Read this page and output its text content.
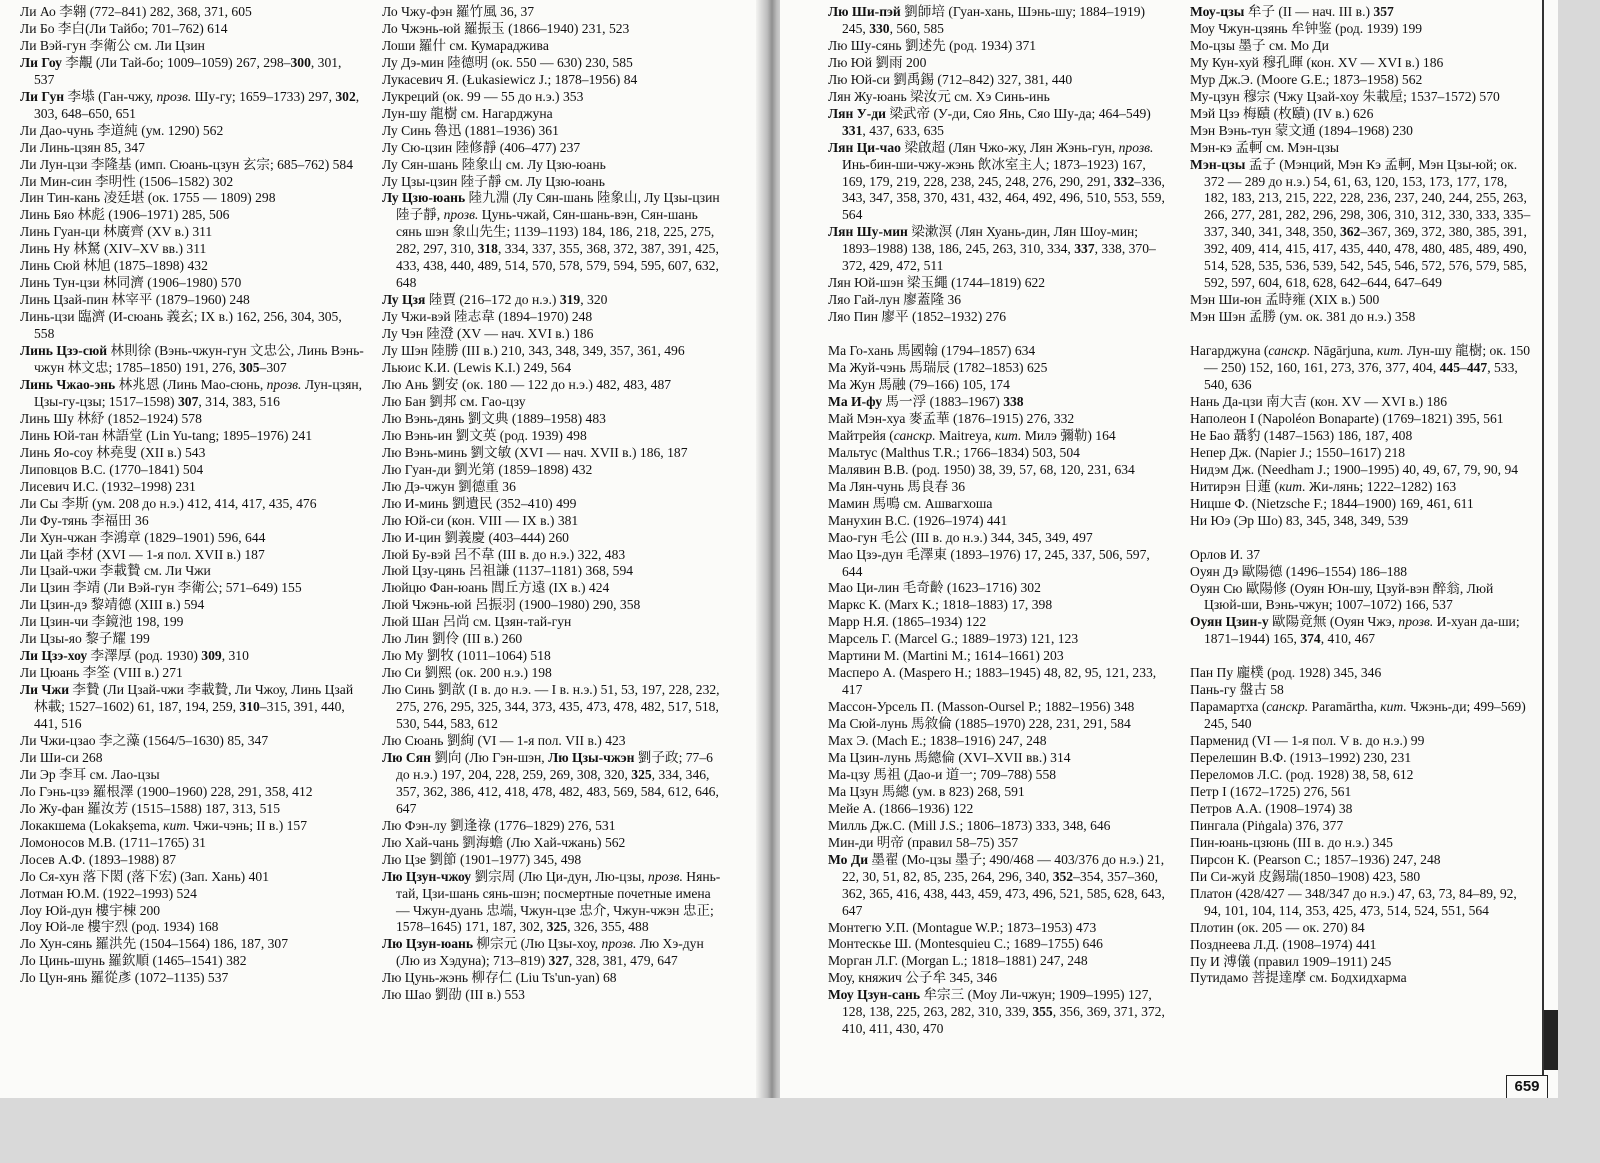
Ли Ао 李翱 (772–841) 282, 368, 371, 605
Ли Бо 李白(Ли Тайбо; 701–762) 614
Ли Вэй-гун 李衛公 см. Ли Цзин
Ли Гоу 李覯 (Ли Тай-бо; 1009–1059) 267, 298–300, 301, 537
Ли Гун 李塨 (Ган-чжу, прозв. Шу-гу; 1659–1733) 297, 302, 303, 648–650, 651
Ли Дао-чунь 李道純 (ум. 1290) 562
Ли Линь-цзян 85, 347
Ли Лун-цзи 李隆基 (имп. Сюань-цзун 玄宗; 685–762) 584
Ли Мин-син 李明性 (1506–1582) 302
Лин Тин-кань 凌廷堪 (ок. 1755 — 1809) 298
Линь Бяо 林彪 (1906–1971) 285, 506
Линь Гуан-ци 林廣齊 (XV в.) 311
Линь Ну 林駑 (XIV–XV вв.) 311
Линь Сюй 林旭 (1875–1898) 432
Линь Тун-цзи 林同濟 (1906–1980) 570
Линь Цзай-пин 林宰平 (1879–1960) 248
Линь-цзи 臨濟 (И-сюань 義玄; IX в.) 162, 256, 304, 305, 558
Линь Цзэ-сюй 林則徐 (Вэнь-чжун-гун 文忠公, Линь Вэнь-чжун 林文忠; 1785–1850) 191, 276, 305–307
Линь Чжао-энь 林兆恩 (Линь Мао-сюнь, прозв. Лун-цзян, Цзы-гу-цзы; 1517–1598) 307, 314, 383, 516
Линь Шу 林紓 (1852–1924) 578
Линь Юй-тан 林語堂 (Lin Yu-tang; 1895–1976) 241
Линь Яо-соу 林堯叟 (XII в.) 543
Липовцов В.С. (1770–1841) 504
Лисевич И.С. (1932–1998) 231
Ли Сы 李斯 (ум. 208 до н.э.) 412, 414, 417, 435, 476
Ли Фу-тянь 李福田 36
Ли Хун-чжан 李鴻章 (1829–1901) 596, 644
Ли Цай 李材 (XVI — 1-я пол. XVII в.) 187
Ли Цзай-чжи 李載贄 см. Ли Чжи
Ли Цзин 李靖 (Ли Вэй-гун 李衛公; 571–649) 155
Ли Цзин-дэ 黎靖德 (XIII в.) 594
Ли Цзин-чи 李鏡池 198, 199
Ли Цзы-яо 黎子耀 199
Ли Цзэ-хоу 李澤厚 (род. 1930) 309, 310
Ли Цюань 李筌 (VIII в.) 271
Ли Чжи 李贄 (Ли Цзай-чжи 李載贄, Ли Чжоу, Линь Цзай 林載; 1527–1602) 61, 187, 194, 259, 310–315, 391, 440, 441, 516
Ли Чжи-цзао 李之藻 (1564/5–1630) 85, 347
Ли Ши-си 268
Ли Эр 李耳 см. Лао-цзы
Ло Гэнь-цзэ 羅根澤 (1900–1960) 228, 291, 358, 412
Ло Жу-фан 羅汝芳 (1515–1588) 187, 313, 515
Локакшема (Lokakṣema, кит. Чжи-чэнь; II в.) 157
Ломоносов М.В. (1711–1765) 31
Лосев А.Ф. (1893–1988) 87
Ло Ся-хун 落下閎 (落下宏) (Зап. Хань) 401
Лотман Ю.М. (1922–1993) 524
Лоу Юй-дун 樓宇棟 200
Лоу Юй-ле 樓宇烈 (род. 1934) 168
Ло Хун-сянь 羅洪先 (1504–1564) 186, 187, 307
Ло Цинь-шунь 羅欽順 (1465–1541) 382
Ло Цун-янь 羅從彥 (1072–1135) 537
Ло Чжу-фэн 羅竹風 36, 37
Ло Чжэнь-юй 羅振玉 (1866–1940) 231, 523
Лоши 羅什 см. Кумарадживa
Лу Дэ-мин 陸德明 (ок. 550 — 630) 230, 585
Лукасевич Я. (Łukasiewicz J.; 1878–1956) 84
Лукреций (ок. 99 — 55 до н.э.) 353
Лун-шу 龍樹 см. Нагарджуна
Лу Синь 魯迅 (1881–1936) 361
Лу Сю-цзин 陸修靜 (406–477) 237
Лу Сян-шань 陸象山 см. Лу Цзю-юань
Лу Цзы-цзин 陸子靜 см. Лу Цзю-юань
Лу Цзю-юань 陸九淵 (Лу Сян-шань 陸象山, Лу Цзы-цзин 陸子靜, прозв. Цунь-чжай, Сян-шань-вэн, Сян-шань сянь шэн 象山先生; 1139–1193) 184, 186, 218, 225, 275, 282, 297, 310, 318, 334, 337, 355, 368, 372, 387, 391, 425, 433, 438, 440, 489, 514, 570, 578, 579, 594, 595, 607, 632, 648
Лу Цзя 陸賈 (216–172 до н.э.) 319, 320
Лу Чжи-вэй 陸志韋 (1894–1970) 248
Лу Чэн 陸澄 (XV — нач. XVI в.) 186
Лу Шэн 陸勝 (III в.) 210, 343, 348, 349, 357, 361, 496
Льюис К.И. (Lewis K.I.) 249, 564
Лю Ань 劉安 (ок. 180 — 122 до н.э.) 482, 483, 487
Лю Бан 劉邦 см. Гао-цзу
Лю Вэнь-дянь 劉文典 (1889–1958) 483
Лю Вэнь-ин 劉文英 (род. 1939) 498
Лю Вэнь-минь 劉文敏 (XVI — нач. XVII в.) 186, 187
Лю Гуан-ди 劉光第 (1859–1898) 432
Лю Дэ-чжун 劉德重 36
Лю И-минь 劉遺民 (352–410) 499
Лю Юй-си (кон. VIII — IX в.) 381
Лю И-цин 劉義慶 (403–444) 260
Люй Бу-вэй 呂不韋 (III в. до н.э.) 322, 483
Люй Цзу-цянь 呂祖謙 (1137–1181) 368, 594
Люйцю Фан-юань 閭丘方遠 (IX в.) 424
Люй Чжэнь-юй 呂振羽 (1900–1980) 290, 358
Люй Шан 呂尚 см. Цзян-тай-гун
Лю Лин 劉伶 (III в.) 260
Лю Му 劉牧 (1011–1064) 518
Лю Си 劉熙 (ок. 200 н.э.) 198
Лю Синь 劉歆 (I в. до н.э. — I в. н.э.) 51, 53, 197, 228, 232, 275, 276, 295, 325, 344, 373, 435, 473, 478, 482, 517, 518, 530, 544, 583, 612
Лю Сюань 劉絢 (VI — 1-я пол. VII в.) 423
Лю Сян 劉向 (Лю Гэн-шэн, Лю Цзы-чжэн 劉子政; 77–6 до н.э.) 197, 204, 228, 259, 269, 308, 320, 325, 334, 346, 357, 362, 386, 412, 418, 478, 482, 483, 569, 584, 612, 646, 647
Лю Фэн-лу 劉逢祿 (1776–1829) 276, 531
Лю Хай-чань 劉海蟾 (Лю Хай-чжань) 562
Лю Цзе 劉節 (1901–1977) 345, 498
Лю Цзун-чжоу 劉宗周 (Лю Ци-дун, Лю-цзы, прозв. Нянь-тай, Цзи-шань сянь-шэн; посмертные почетные имена — Чжун-дуань 忠端, Чжун-цзе 忠介, Чжун-чжэн 忠正; 1578–1645) 171, 187, 302, 325, 326, 355, 488
Лю Цзун-юань 柳宗元 (Лю Цзы-хоу, прозв. Лю Хэ-дун (Лю из Хэдуна); 713–819) 327, 328, 381, 479, 647
Лю Цунь-жэнь 柳存仁 (Liu Ts'un-yan) 68
Лю Шао 劉劭 (III в.) 553
Лю Ши-пэй 劉師培 (Гуан-хань, Шэнь-шу; 1884–1919) 245, 330, 560, 585
Лю Шу-сянь 劉述先 (род. 1934) 371
Лю Юй 劉雨 200
Лю Юй-си 劉禹錫 (712–842) 327, 381, 440
Лян Жу-юань 梁汝元 см. Хэ Синь-инь
Лян У-ди 梁武帝 (У-ди, Сяо Янь, Сяо Шу-да; 464–549) 331, 437, 633, 635
Лян Ци-чао 梁啟超 (Лян Чжо-жу, Лян Жэнь-гун, прозв. Инь-бин-ши-чжу-жэнь 飲冰室主人; 1873–1923) 167, 169, 179, 219, 228, 238, 245, 248, 276, 290, 291, 332–336, 343, 347, 358, 370, 431, 432, 464, 492, 496, 510, 553, 559, 564
Лян Шу-мин 梁漱溟 (Лян Хуань-дин, Лян Шоу-мин; 1893–1988) 138, 186, 245, 263, 310, 334, 337, 338, 370–372, 429, 472, 511
Лян Юй-шэн 梁玉繩 (1744–1819) 622
Ляо Гай-лун 廖蓋隆 36
Ляо Пин 廖平 (1852–1932) 276
Ма Го-хань 馬國翰 (1794–1857) 634
Ма Жуй-чэнь 馬瑞辰 (1782–1853) 625
Ма Жун 馬融 (79–166) 105, 174
Ма И-фу 馬一浮 (1883–1967) 338
Май Мэн-хуа 麥孟華 (1876–1915) 276, 332
Майтрейя (санскр. Maitreya, кит. Милэ 彌勒) 164
Мальтус (Malthus T.R.; 1766–1834) 503, 504
Малявин В.В. (род. 1950) 38, 39, 57, 68, 120, 231, 634
Ма Лян-чунь 馬良春 36
Мамин 馬鳴 см. Ашвагхоша
Манухин В.С. (1926–1974) 441
Мао-гун 毛公 (III в. до н.э.) 344, 345, 349, 497
Мао Цзэ-дун 毛澤東 (1893–1976) 17, 245, 337, 506, 597, 644
Мао Ци-лин 毛奇齡 (1623–1716) 302
Маркс К. (Marx K.; 1818–1883) 17, 398
Марр Н.Я. (1865–1934) 122
Марсель Г. (Marcel G.; 1889–1973) 121, 123
Мартини М. (Martini M.; 1614–1661) 203
Масперо А. (Maspero H.; 1883–1945) 48, 82, 95, 121, 233, 417
Массон-Урсель П. (Masson-Oursel P.; 1882–1956) 348
Ма Сюй-лунь 馬敘倫 (1885–1970) 228, 231, 291, 584
Мах Э. (Mach E.; 1838–1916) 247, 248
Ма Цзин-лунь 馬總倫 (XVI–XVII вв.) 314
Ма-цзу 馬祖 (Дао-и 道一; 709–788) 558
Ма Цзун 馬總 (ум. в 823) 268, 591
Мейе А. (1866–1936) 122
Милль Дж.С. (Mill J.S.; 1806–1873) 333, 348, 646
Мин-ди 明帝 (правил 58–75) 357
Мо Ди 墨翟 (Мо-цзы 墨子; 490/468 — 403/376 до н.э.) 21, 22, 30, 51, 82, 85, 235, 264, 296, 340, 352–354, 357–360, 362, 365, 416, 438, 443, 459, 473, 496, 521, 585, 628, 643, 647
Монтегю У.П. (Montague W.P.; 1873–1953) 473
Монтескье Ш. (Montesquieu C.; 1689–1755) 646
Морган Л.Г. (Morgan L.; 1818–1881) 247, 248
Моу, княжич 公子牟 345, 346
Моу Цзун-сань 牟宗三 (Моу Ли-чжун; 1909–1995) 127, 128, 138, 225, 263, 282, 310, 339, 355, 356, 369, 371, 372, 410, 411, 430, 470
Моу-цзы 牟子 (II — нач. III в.) 357
Моу Чжун-цзянь 牟钟鉴 (род. 1939) 199
Мо-цзы 墨子 см. Мо Ди
Му Кун-хуй 穆孔暉 (кон. XV — XVI в.) 186
Мур Дж.Э. (Moore G.E.; 1873–1958) 562
Му-цзун 穆宗 (Чжу Цзай-хоу 朱載垕; 1537–1572) 570
Мэй Цзэ 梅賾 (枚賾) (IV в.) 626
Мэн Вэнь-тун 蒙文通 (1894–1968) 230
Мэн-кэ 孟軻 см. Мэн-цзы
Мэн-цзы 孟子 (Мэнций, Мэн Кэ 孟軻, Мэн Цзы-юй; ок. 372 — 289 до н.э.) 54, 61, 63, 120, 153, 173, 177, 178, 182, 183, 213, 215, 222, 228, 236, 237, 240, 244, 255, 263, 266, 277, 281, 282, 296, 298, 306, 310, 312, 330, 333, 335–337, 340, 341, 348, 350, 362–367, 369, 372, 380, 385, 391, 392, 409, 414, 415, 417, 435, 440, 478, 480, 485, 489, 490, 514, 528, 535, 536, 539, 542, 545, 546, 572, 576, 579, 585, 592, 597, 604, 618, 628, 642–644, 647–649
Мэн Ши-юн 孟時雍 (XIX в.) 500
Мэн Шэн 孟勝 (ум. ок. 381 до н.э.) 358
Нагарджуна (санскр. Nāgārjuna, кит. Лун-шу 龍樹; ок. 150 — 250) 152, 160, 161, 273, 376, 377, 404, 445–447, 533, 540, 636
Нань Да-цзи 南大吉 (кон. XV — XVI в.) 186
Наполеон I (Napoléon Bonaparte) (1769–1821) 395, 561
Не Бао 聶豹 (1487–1563) 186, 187, 408
Непер Дж. (Napier J.; 1550–1617) 218
Нидэм Дж. (Needham J.; 1900–1995) 40, 49, 67, 79, 90, 94
Нитирэн 日蓮 (кит. Жи-лянь; 1222–1282) 163
Ницше Ф. (Nietzsche F.; 1844–1900) 169, 461, 611
Ни Юэ (Эр Шо) 83, 345, 348, 349, 539
Орлов И. 37
Оуян Дэ 歐陽德 (1496–1554) 186–188
Оуян Сю 歐陽修 (Оуян Юн-шу, Цзуй-вэн 醉翁, Люй Цзюй-ши, Вэнь-чжун; 1007–1072) 166, 537
Оуян Цзин-у 歐陽竟無 (Оуян Чжэ, прозв. И-хуан да-ши; 1871–1944) 165, 374, 410, 467
Пан Пу 龐樸 (род. 1928) 345, 346
Пань-гу 盤古 58
Парамартха (санскр. Paramārtha, кит. Чжэнь-ди; 499–569) 245, 540
Парменид (VI — 1-я пол. V в. до н.э.) 99
Перелешин В.Ф. (1913–1992) 230, 231
Переломов Л.С. (род. 1928) 38, 58, 612
Петр I (1672–1725) 276, 561
Петров А.А. (1908–1974) 38
Пингала (Piṅgala) 376, 377
Пин-юань-цзюнь (III в. до н.э.) 345
Пирсон К. (Pearson C.; 1857–1936) 247, 248
Пи Си-жуй 皮錫瑞(1850–1908) 423, 580
Платон (428/427 — 348/347 до н.э.) 47, 63, 73, 84–89, 92, 94, 101, 104, 114, 353, 425, 473, 514, 524, 551, 564
Плотин (ок. 205 — ок. 270) 84
Позднеева Л.Д. (1908–1974) 441
Пу И 溥儀 (правил 1909–1911) 245
Путидамо 菩提達摩 см. Бодхидхарма
659
